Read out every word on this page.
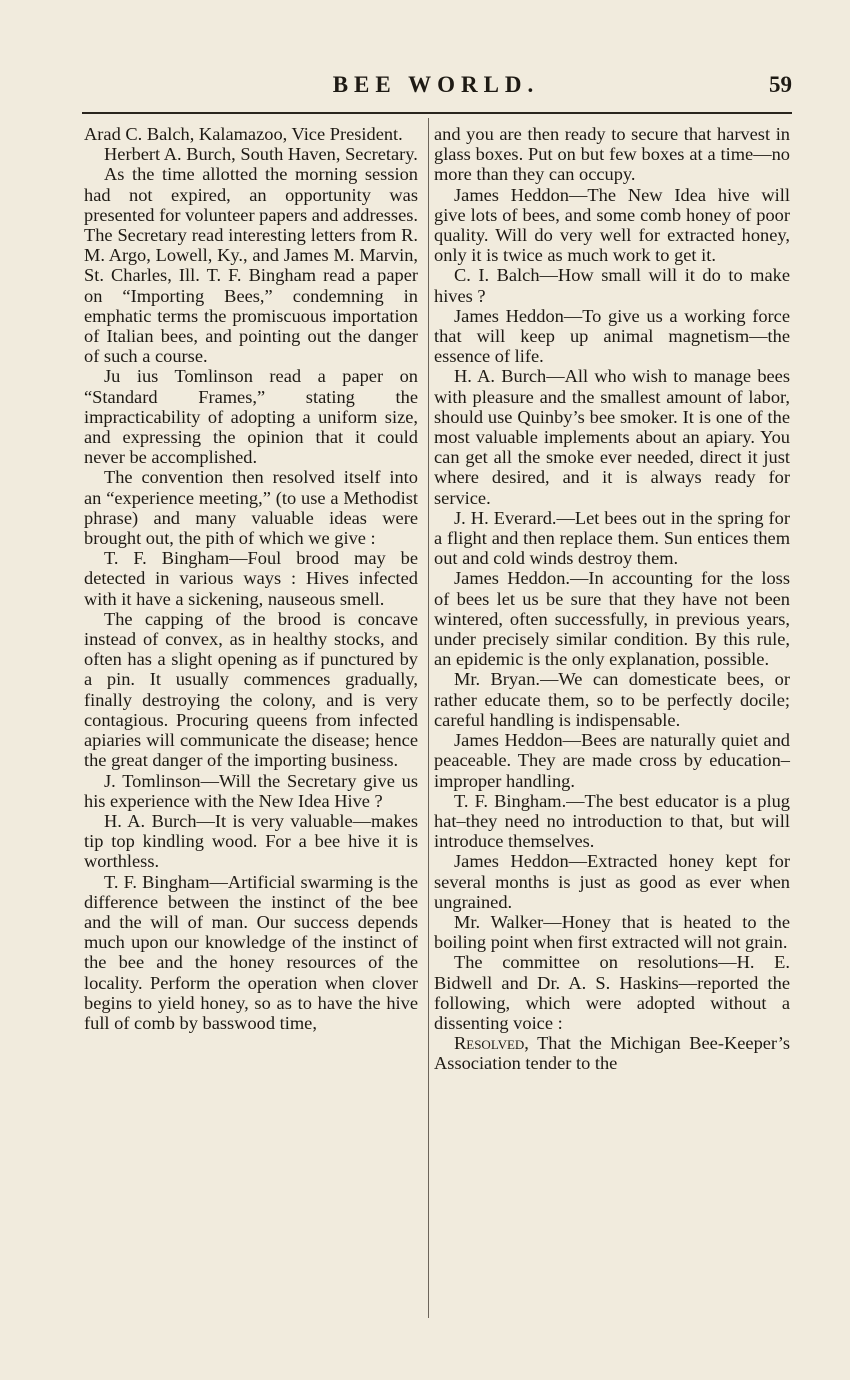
BEE WORLD.	59

Arad C. Balch, Kalamazoo, Vice President.

Herbert A. Burch, South Haven, Secretary.

As the time allotted the morning session had not expired, an opportunity was presented for volunteer papers and addresses. The Secretary read interesting letters from R. M. Argo, Lowell, Ky., and James M. Marvin, St. Charles, Ill. T. F. Bingham read a paper on “Importing Bees,” condemning in emphatic terms the promiscuous importation of Italian bees, and pointing out the danger of such a course.

Ju ius Tomlinson read a paper on “Standard Frames,” stating the impracticability of adopting a uniform size, and expressing the opinion that it could never be accomplished.

The convention then resolved itself into an “experience meeting,” (to use a Methodist phrase) and many valuable ideas were brought out, the pith of which we give :

T. F. Bingham—Foul brood may be detected in various ways : Hives infected with it have a sickening, nauseous smell.

The capping of the brood is concave instead of convex, as in healthy stocks, and often has a slight opening as if punctured by a pin. It usually commences gradually, finally destroying the colony, and is very contagious. Procuring queens from infected apiaries will communicate the disease; hence the great danger of the importing business.

J. Tomlinson—Will the Secretary give us his experience with the New Idea Hive ?

H. A. Burch—It is very valuable—makes tip top kindling wood. For a bee hive it is worthless.

T. F. Bingham—Artificial swarming is the difference between the instinct of the bee and the will of man. Our success depends much upon our knowledge of the instinct of the bee and the honey resources of the locality. Perform the operation when clover begins to yield honey, so as to have the hive full of comb by basswood time,

and you are then ready to secure that harvest in glass boxes. Put on but few boxes at a time—no more than they can occupy.

James Heddon—The New Idea hive will give lots of bees, and some comb honey of poor quality. Will do very well for extracted honey, only it is twice as much work to get it.

C. I. Balch—How small will it do to make hives ?

James Heddon—To give us a working force that will keep up animal magnetism—the essence of life.

H. A. Burch—All who wish to manage bees with pleasure and the smallest amount of labor, should use Quinby’s bee smoker. It is one of the most valuable implements about an apiary. You can get all the smoke ever needed, direct it just where desired, and it is always ready for service.

J. H. Everard.—Let bees out in the spring for a flight and then replace them. Sun entices them out and cold winds destroy them.

James Heddon.—In accounting for the loss of bees let us be sure that they have not been wintered, often successfully, in previous years, under precisely similar condition. By this rule, an epidemic is the only explanation, possible.

Mr. Bryan.—We can domesticate bees, or rather educate them, so to be perfectly docile; careful handling is indispensable.

James Heddon—Bees are naturally quiet and peaceable. They are made cross by education–improper handling.

T. F. Bingham.—The best educator is a plug hat–they need no introduction to that, but will introduce themselves.

James Heddon—Extracted honey kept for several months is just as good as ever when ungrained.

Mr. Walker—Honey that is heated to the boiling point when first extracted will not grain.

The committee on resolutions—H. E. Bidwell and Dr. A. S. Haskins—reported the following, which were adopted without a dissenting voice :

Resolved, That the Michigan Bee-Keeper’s Association tender to the
